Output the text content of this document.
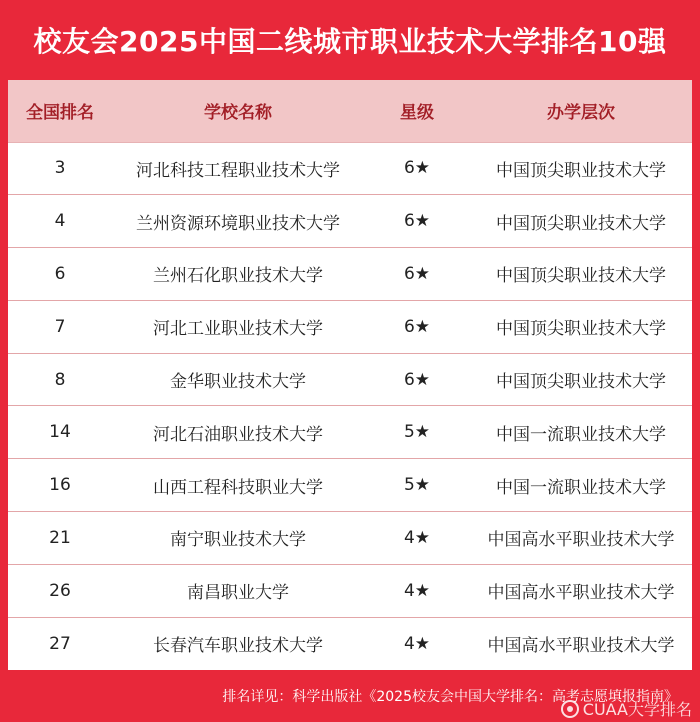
校友会2025中国二线城市职业技术大学排名10强
全国排名	学校名称	星级	办学层次
3	河北科技工程职业技术大学	6★	中国顶尖职业技术大学
4	兰州资源环境职业技术大学	6★	中国顶尖职业技术大学
6	兰州石化职业技术大学	6★	中国顶尖职业技术大学
7	河北工业职业技术大学	6★	中国顶尖职业技术大学
8	金华职业技术大学	6★	中国顶尖职业技术大学
14	河北石油职业技术大学	5★	中国一流职业技术大学
16	山西工程科技职业大学	5★	中国一流职业技术大学
21	南宁职业技术大学	4★	中国高水平职业技术大学
26	南昌职业大学	4★	中国高水平职业技术大学
27	长春汽车职业技术大学	4★	中国高水平职业技术大学
排名详见：科学出版社《2025校友会中国大学排名：高考志愿填报指南》
CUAA大学排名
